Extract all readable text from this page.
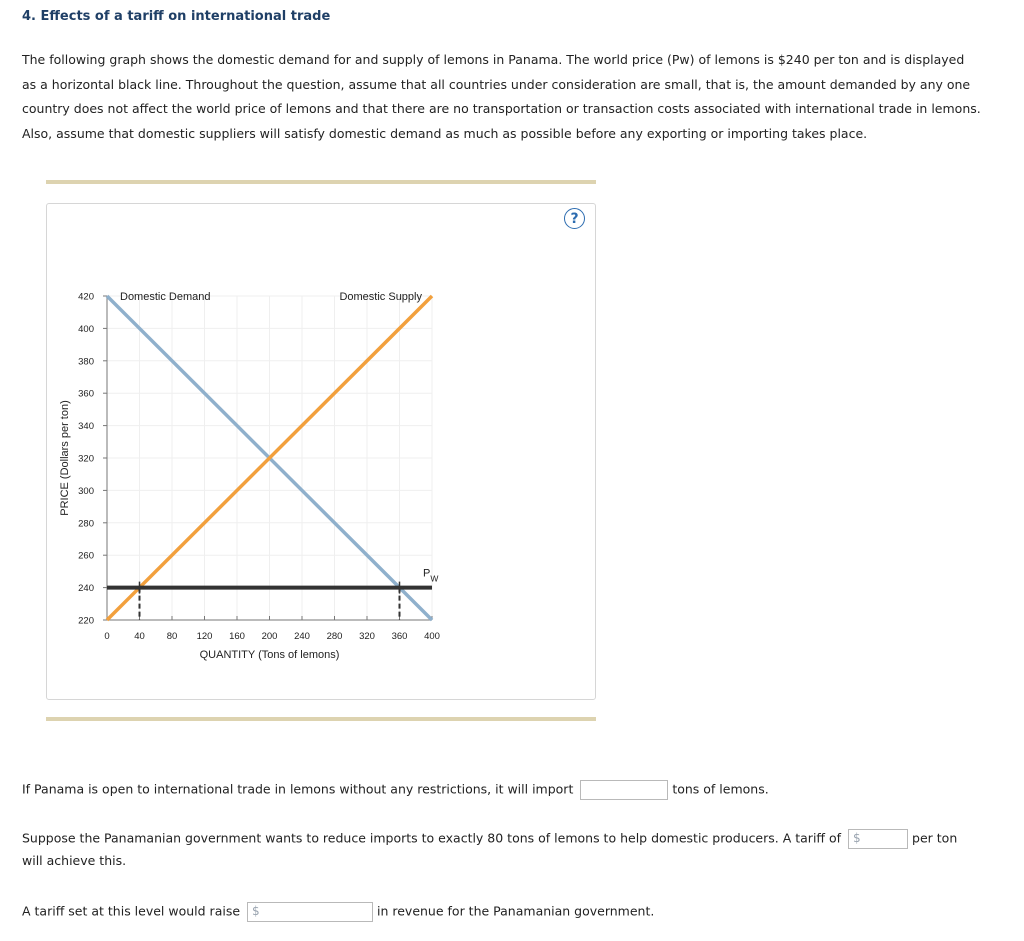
4. Effects of a tariff on international trade

The following graph shows the domestic demand for and supply of lemons in Panama. The world price (Pw) of lemons is $240 per ton and is displayed as a horizontal black line. Throughout the question, assume that all countries under consideration are small, that is, the amount demanded by any one country does not affect the world price of lemons and that there are no transportation or transaction costs associated with international trade in lemons. Also, assume that domestic suppliers will satisfy domestic demand as much as possible before any exporting or importing takes place.

?
220
240
260
280
300
320
340
360
380
400
420
0	40 80 120 160 200 240 280 320 360 400
Domestic Demand	Domestic Supply
$P_W$
QUANTITY (Tons of lemons)
PRICE (Dollars per ton)

If Panama is open to international trade in lemons without any restrictions, it will import	tons of lemons.

Suppose the Panamanian government wants to reduce imports to exactly 80 tons of lemons to help domestic producers. A tariff of $	per ton

will achieve this.

A tariff set at this level would raise $	in revenue for the Panamanian government.
